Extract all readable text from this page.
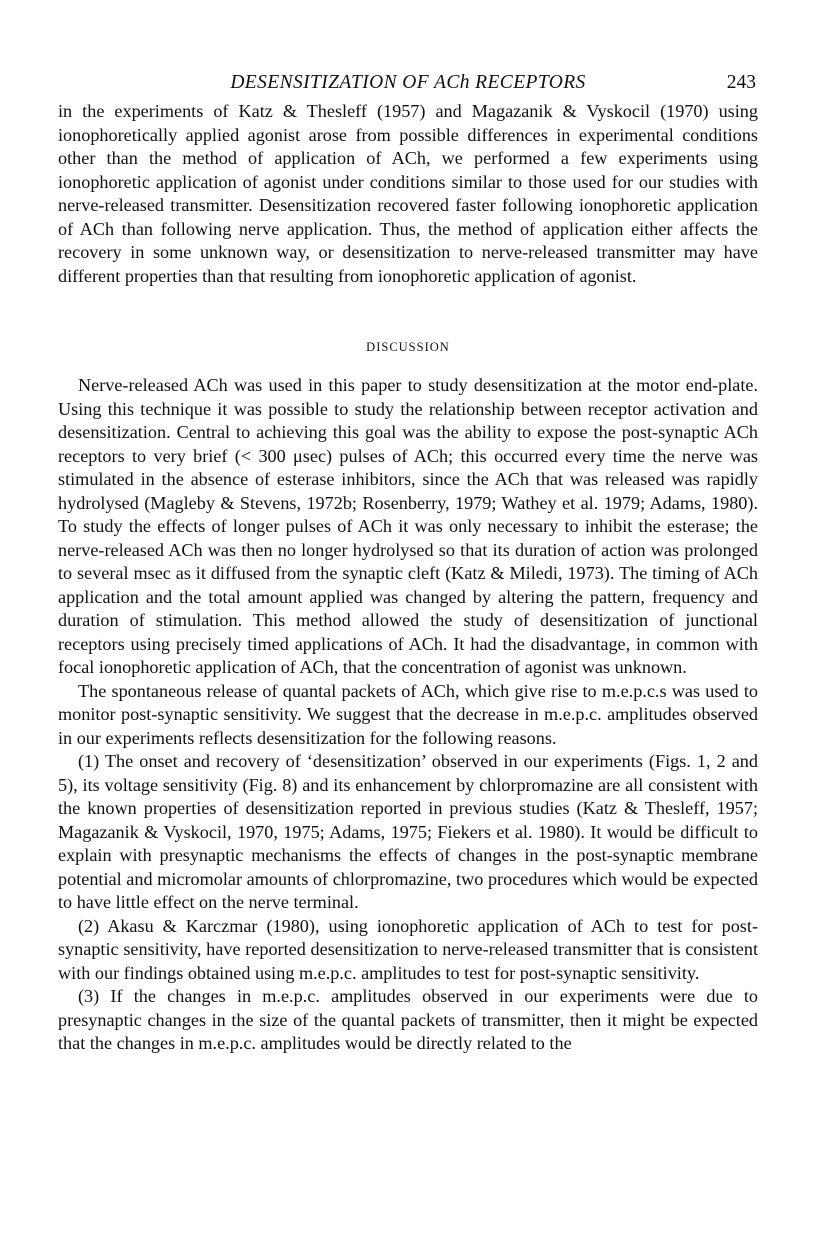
DESENSITIZATION OF ACh RECEPTORS	243

in the experiments of Katz & Thesleff (1957) and Magazanik & Vyskocil (1970) using ionophoretically applied agonist arose from possible differences in experimental conditions other than the method of application of ACh, we performed a few experiments using ionophoretic application of agonist under conditions similar to those used for our studies with nerve-released transmitter. Desensitization recovered faster following ionophoretic application of ACh than following nerve application. Thus, the method of application either affects the recovery in some unknown way, or desensitization to nerve-released transmitter may have different properties than that resulting from ionophoretic application of agonist.

DISCUSSION

Nerve-released ACh was used in this paper to study desensitization at the motor end-plate. Using this technique it was possible to study the relationship between receptor activation and desensitization. Central to achieving this goal was the ability to expose the post-synaptic ACh receptors to very brief (< 300 μsec) pulses of ACh; this occurred every time the nerve was stimulated in the absence of esterase inhibitors, since the ACh that was released was rapidly hydrolysed (Magleby & Stevens, 1972b; Rosenberry, 1979; Wathey et al. 1979; Adams, 1980). To study the effects of longer pulses of ACh it was only necessary to inhibit the esterase; the nerve-released ACh was then no longer hydrolysed so that its duration of action was prolonged to several msec as it diffused from the synaptic cleft (Katz & Miledi, 1973). The timing of ACh application and the total amount applied was changed by altering the pattern, frequency and duration of stimulation. This method allowed the study of desensitization of junctional receptors using precisely timed applications of ACh. It had the disadvantage, in common with focal ionophoretic application of ACh, that the concentration of agonist was unknown.

The spontaneous release of quantal packets of ACh, which give rise to m.e.p.c.s was used to monitor post-synaptic sensitivity. We suggest that the decrease in m.e.p.c. amplitudes observed in our experiments reflects desensitization for the following reasons.

(1) The onset and recovery of ‘desensitization’ observed in our experiments (Figs. 1, 2 and 5), its voltage sensitivity (Fig. 8) and its enhancement by chlorpromazine are all consistent with the known properties of desensitization reported in previous studies (Katz & Thesleff, 1957; Magazanik & Vyskocil, 1970, 1975; Adams, 1975; Fiekers et al. 1980). It would be difficult to explain with presynaptic mechanisms the effects of changes in the post-synaptic membrane potential and micromolar amounts of chlorpromazine, two procedures which would be expected to have little effect on the nerve terminal.

(2) Akasu & Karczmar (1980), using ionophoretic application of ACh to test for post-synaptic sensitivity, have reported desensitization to nerve-released transmitter that is consistent with our findings obtained using m.e.p.c. amplitudes to test for post-synaptic sensitivity.

(3) If the changes in m.e.p.c. amplitudes observed in our experiments were due to presynaptic changes in the size of the quantal packets of transmitter, then it might be expected that the changes in m.e.p.c. amplitudes would be directly related to the
